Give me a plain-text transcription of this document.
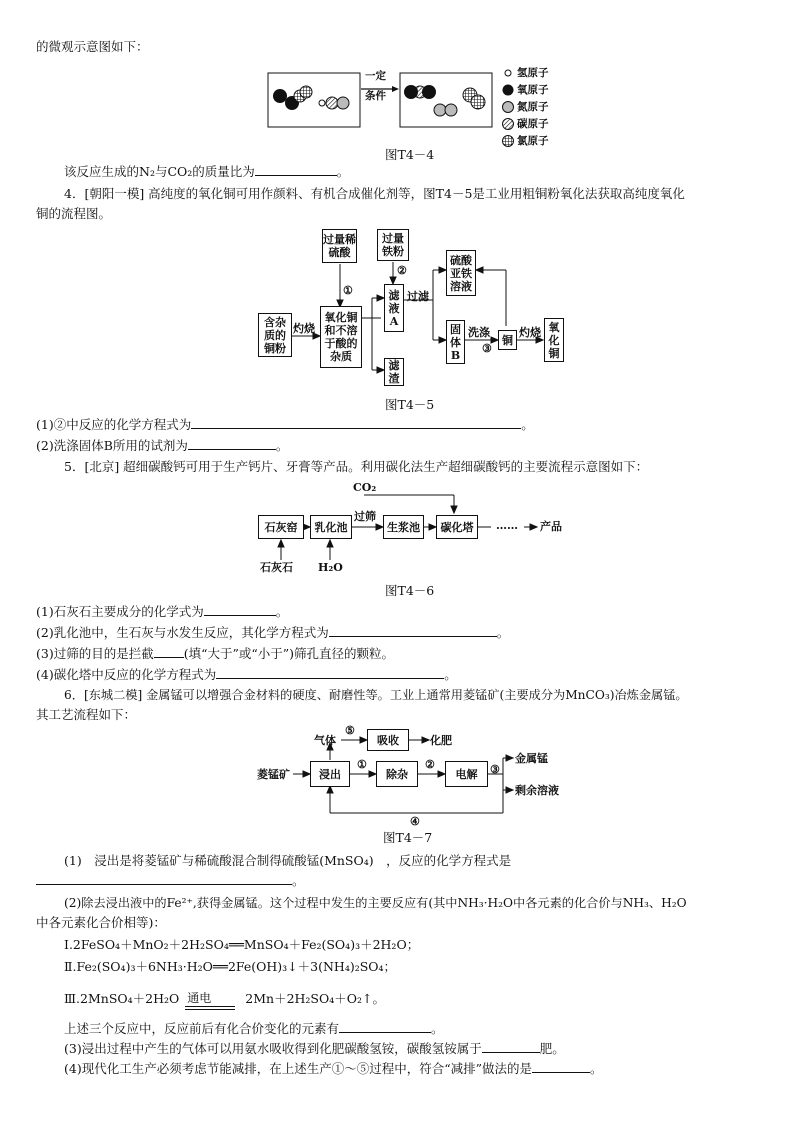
的微观示意图如下：
一定
条件
氢原子
氧原子
氮原子
碳原子
氯原子
图T4－4
该反应生成的N₂与CO₂的质量比为	。
4．[朝阳一模] 高纯度的氧化铜可用作颜料、有机合成催化剂等，图T4－5是工业用粗铜粉氧化法获取高纯度氧化
铜的流程图。
过量稀硫酸
过量铁粉
含杂质的铜粉
灼烧
氧化铜和不溶于酸的杂质
①
②
滤液A
过滤
硫酸亚铁溶液
固体B
洗涤
③
铜
灼烧 氧化铜
滤渣
图T4－5
(1)②中反应的化学方程式为	。
(2)洗涤固体B所用的试剂为	。
5．[北京] 超细碳酸钙可用于生产钙片、牙膏等产品。利用碳化法生产超细碳酸钙的主要流程示意图如下：
CO₂
石灰窑	乳化池
过筛
生浆池	碳化塔	…… 产品
石灰石 H₂O
图T4－6
(1)石灰石主要成分的化学式为	。
(2)乳化池中，生石灰与水发生反应，其化学方程式为	。
(3)过筛的目的是拦截 (填“大于”或“小于”)筛孔直径的颗粒。
(4)碳化塔中反应的化学方程式为	。
6．[东城二模] 金属锰可以增强合金材料的硬度、耐磨性等。工业上通常用菱锰矿(主要成分为MnCO₃)冶炼金属锰。
其工艺流程如下：
气体
⑤
吸收	化肥
菱锰矿	浸出
①
除杂
②
电解	③
金属锰
剩余溶液
④
图T4－7
(1)　浸出是将菱锰矿与稀硫酸混合制得硫酸锰(MnSO₄)　，反应的化学方程式是
。
(2)除去浸出液中的Fe²⁺,获得金属锰。这个过程中发生的主要反应有(其中NH₃·H₂O中各元素的化合价与NH₃、H₂O
中各元素化合价相等)：
Ⅰ.2FeSO₄＋MnO₂＋2H₂SO₄══MnSO₄＋Fe₂(SO₄)₃＋2H₂O；
Ⅱ.Fe₂(SO₄)₃＋6NH₃·H₂O══2Fe(OH)₃↓＋3(NH₄)₂SO₄；
Ⅲ.2MnSO₄＋2H₂O 通电	2Mn＋2H₂SO₄＋O₂↑。
上述三个反应中，反应前后有化合价变化的元素有	。
(3)浸出过程中产生的气体可以用氨水吸收得到化肥碳酸氢铵，碳酸氢铵属于	肥。
(4)现代化工生产必须考虑节能减排，在上述生产①～⑤过程中，符合“减排”做法的是	。
